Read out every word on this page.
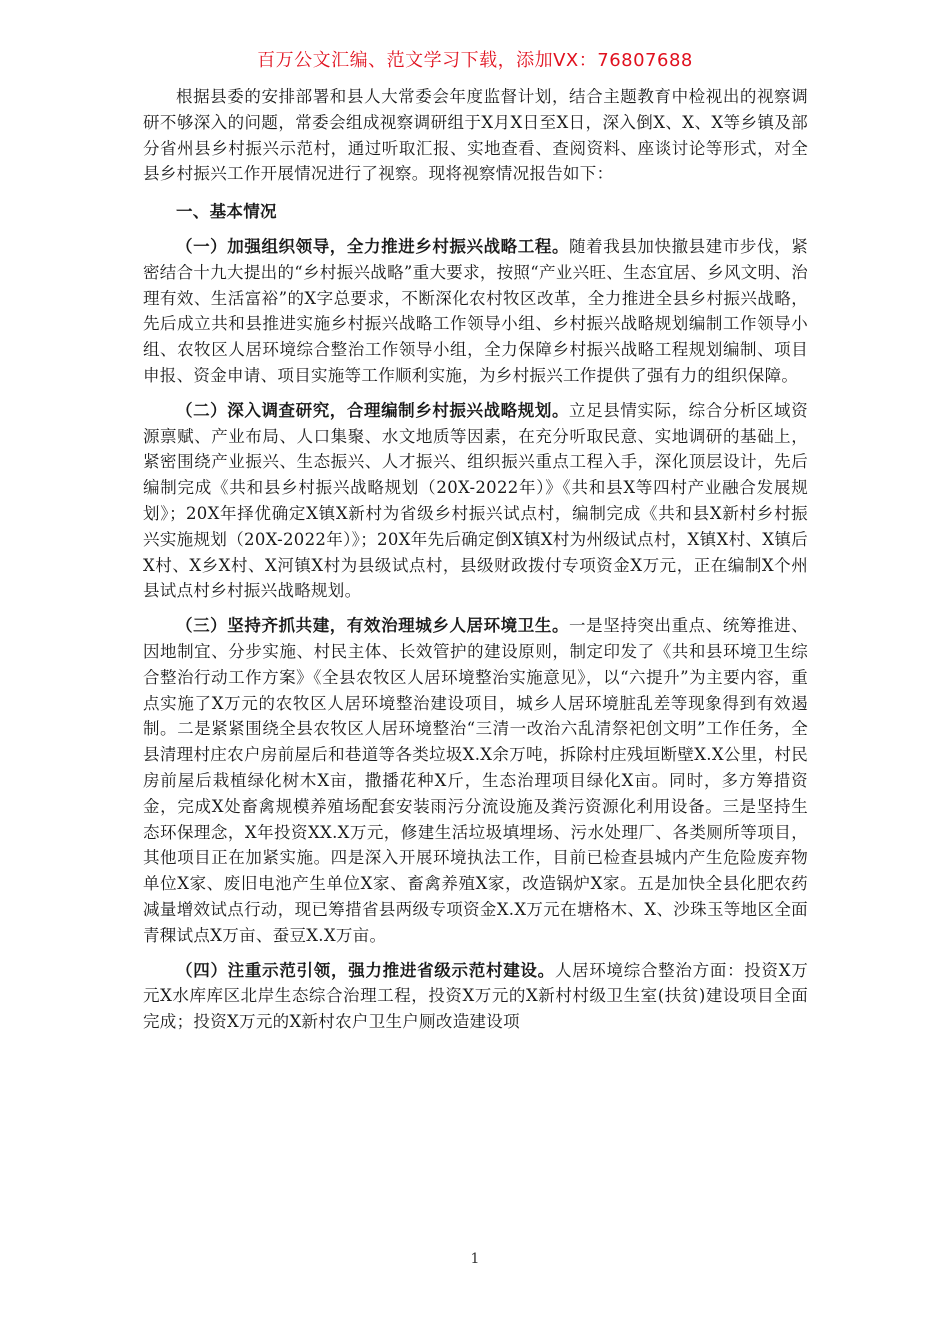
百万公文汇编、范文学习下载，添加VX：76807688

根据县委的安排部署和县人大常委会年度监督计划，结合主题教育中检视出的视察调研不够深入的问题，常委会组成视察调研组于X月X日至X日，深入倒X、X、X等乡镇及部分省州县乡村振兴示范村，通过听取汇报、实地查看、查阅资料、座谈讨论等形式，对全县乡村振兴工作开展情况进行了视察。现将视察情况报告如下：

一、基本情况

（一）加强组织领导，全力推进乡村振兴战略工程。随着我县加快撤县建市步伐，紧密结合十九大提出的“乡村振兴战略”重大要求，按照“产业兴旺、生态宜居、乡风文明、治理有效、生活富裕”的X字总要求，不断深化农村牧区改革，全力推进全县乡村振兴战略，先后成立共和县推进实施乡村振兴战略工作领导小组、乡村振兴战略规划编制工作领导小组、农牧区人居环境综合整治工作领导小组，全力保障乡村振兴战略工程规划编制、项目申报、资金申请、项目实施等工作顺利实施，为乡村振兴工作提供了强有力的组织保障。

（二）深入调查研究，合理编制乡村振兴战略规划。立足县情实际，综合分析区域资源禀赋、产业布局、人口集聚、水文地质等因素，在充分听取民意、实地调研的基础上，紧密围绕产业振兴、生态振兴、人才振兴、组织振兴重点工程入手，深化顶层设计，先后编制完成《共和县乡村振兴战略规划（20X-2022年）》《共和县X等四村产业融合发展规划》；20X年择优确定X镇X新村为省级乡村振兴试点村，编制完成《共和县X新村乡村振兴实施规划（20X-2022年）》；20X年先后确定倒X镇X村为州级试点村，X镇X村、X镇后X村、X乡X村、X河镇X村为县级试点村，县级财政拨付专项资金X万元，正在编制X个州县试点村乡村振兴战略规划。

（三）坚持齐抓共建，有效治理城乡人居环境卫生。一是坚持突出重点、统筹推进、因地制宜、分步实施、村民主体、长效管护的建设原则，制定印发了《共和县环境卫生综合整治行动工作方案》《全县农牧区人居环境整治实施意见》，以“六提升”为主要内容，重点实施了X万元的农牧区人居环境整治建设项目，城乡人居环境脏乱差等现象得到有效遏制。二是紧紧围绕全县农牧区人居环境整治“三清一改治六乱清祭祀创文明”工作任务，全县清理村庄农户房前屋后和巷道等各类垃圾X.X余万吨，拆除村庄残垣断壁X.X公里，村民房前屋后栽植绿化树木X亩，撒播花种X斤，生态治理项目绿化X亩。同时，多方筹措资金，完成X处畜禽规模养殖场配套安装雨污分流设施及粪污资源化利用设备。三是坚持生态环保理念，X年投资XX.X万元，修建生活垃圾填埋场、污水处理厂、各类厕所等项目，其他项目正在加紧实施。四是深入开展环境执法工作，目前已检查县城内产生危险废弃物单位X家、废旧电池产生单位X家、畜禽养殖X家，改造锅炉X家。五是加快全县化肥农药减量增效试点行动，现已筹措省县两级专项资金X.X万元在塘格木、X、沙珠玉等地区全面青稞试点X万亩、蚕豆X.X万亩。

（四）注重示范引领，强力推进省级示范村建设。人居环境综合整治方面：投资X万元X水库库区北岸生态综合治理工程，投资X万元的X新村村级卫生室(扶贫)建设项目全面完成；投资X万元的X新村农户卫生户厕改造建设项

1
